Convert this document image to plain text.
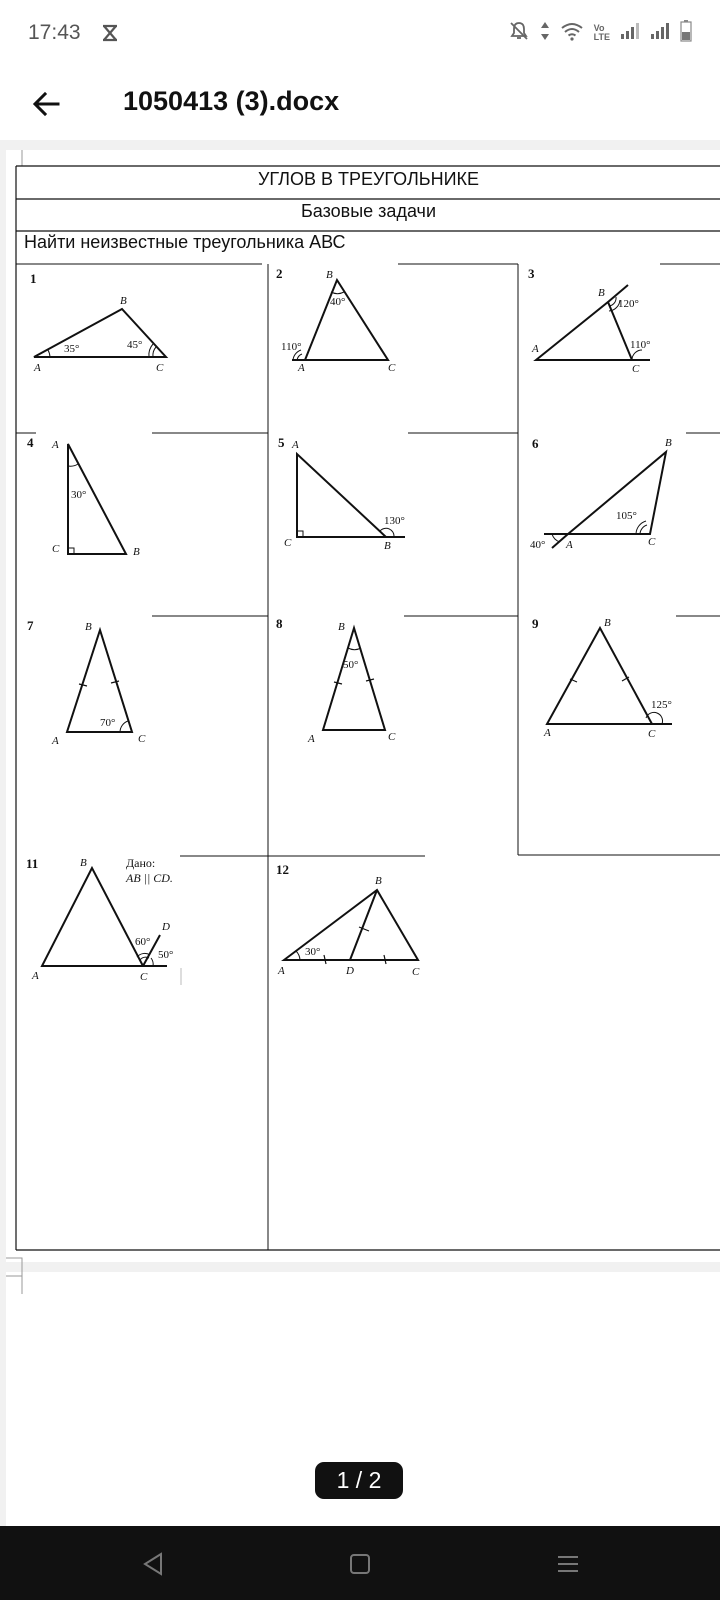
17:43	Vo
LTE
1050413 (3).docx
1
A
B
C
35°	45°
2	B
A	C
40°
110°
3
B
A
C
120°
110°
4 A
B
C
30°
5 A
B
C
130°
6	B
A	C
105°
40°
7	B
A	C
70°
8	B
A	C
50°
9	B
A	C
125°
11	B
A	C
D
60°
50°
Дано:
AB || CD.
12
B
A	D	C
30°
УГЛОВ В ТРЕУГОЛЬНИКЕ
Базовые задачи
Найти неизвестные треугольника АВС
1 / 2
